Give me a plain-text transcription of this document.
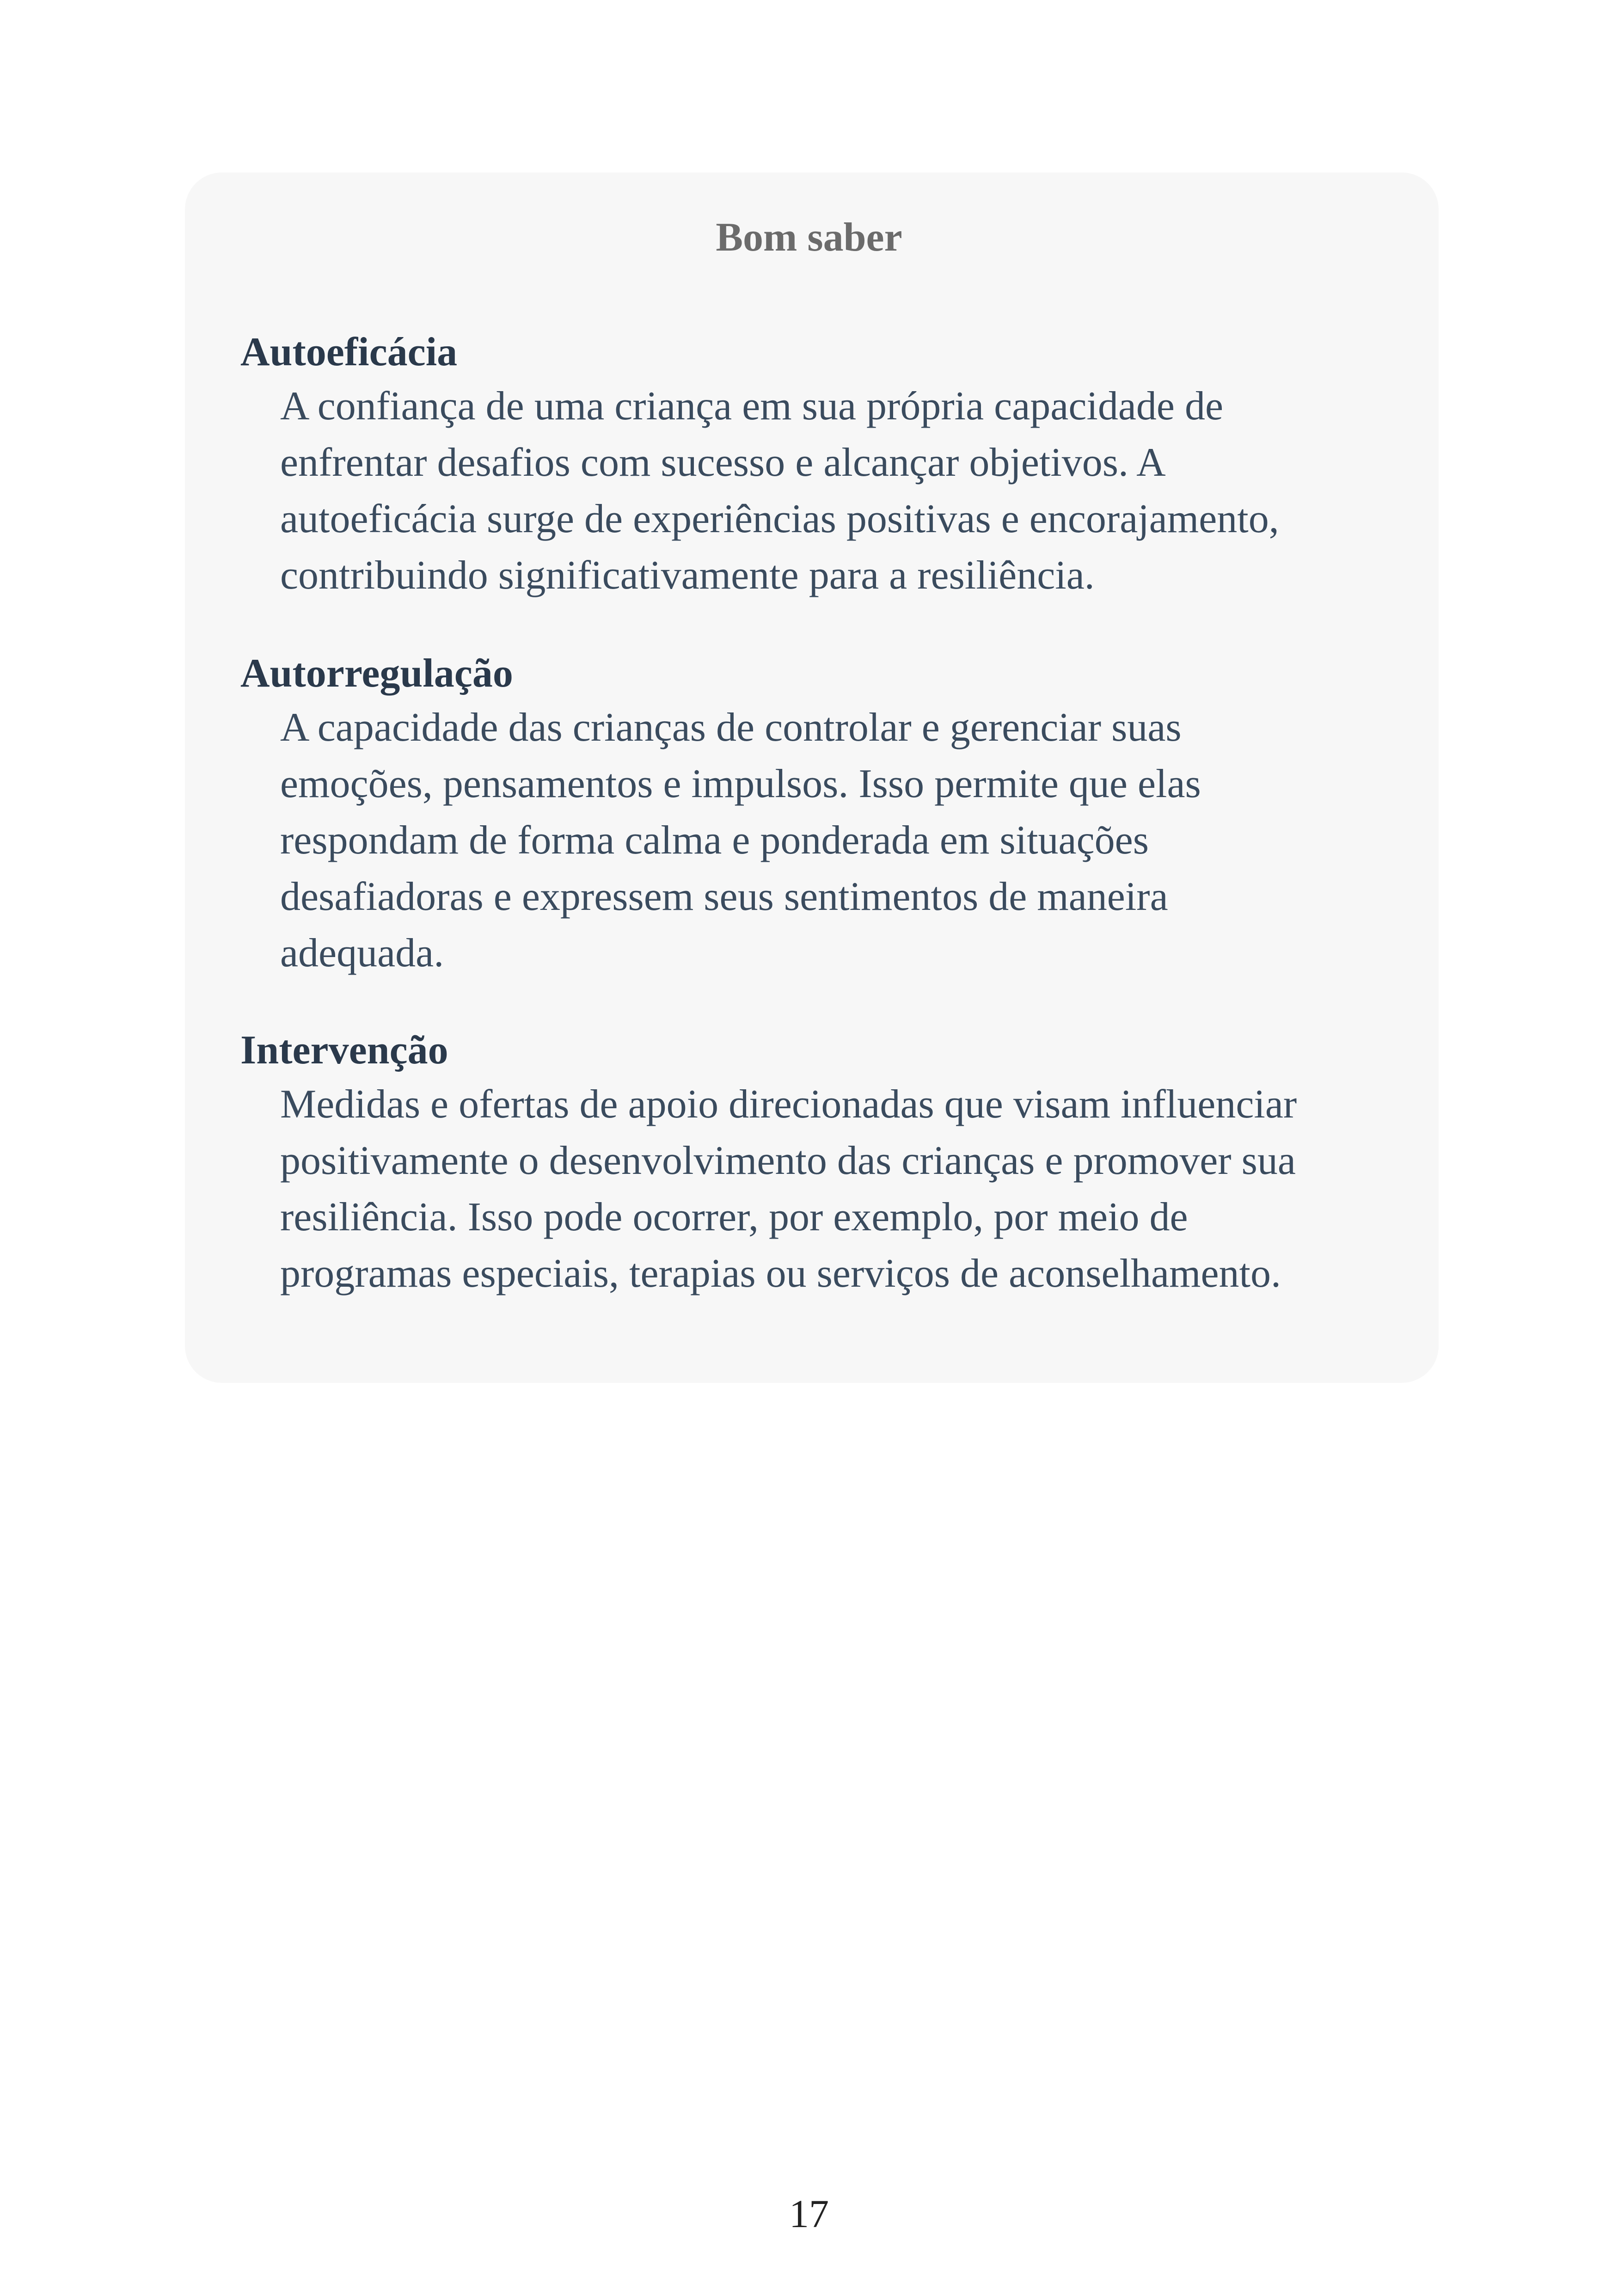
Bom saber
Autoeficácia
A confiança de uma criança em sua própria capacidade de
enfrentar desafios com sucesso e alcançar objetivos. A
autoeficácia surge de experiências positivas e encorajamento,
contribuindo significativamente para a resiliência.
Autorregulação
A capacidade das crianças de controlar e gerenciar suas
emoções, pensamentos e impulsos. Isso permite que elas
respondam de forma calma e ponderada em situações
desafiadoras e expressem seus sentimentos de maneira
adequada.
Intervenção
Medidas e ofertas de apoio direcionadas que visam influenciar
positivamente o desenvolvimento das crianças e promover sua
resiliência. Isso pode ocorrer, por exemplo, por meio de
programas especiais, terapias ou serviços de aconselhamento.
17
